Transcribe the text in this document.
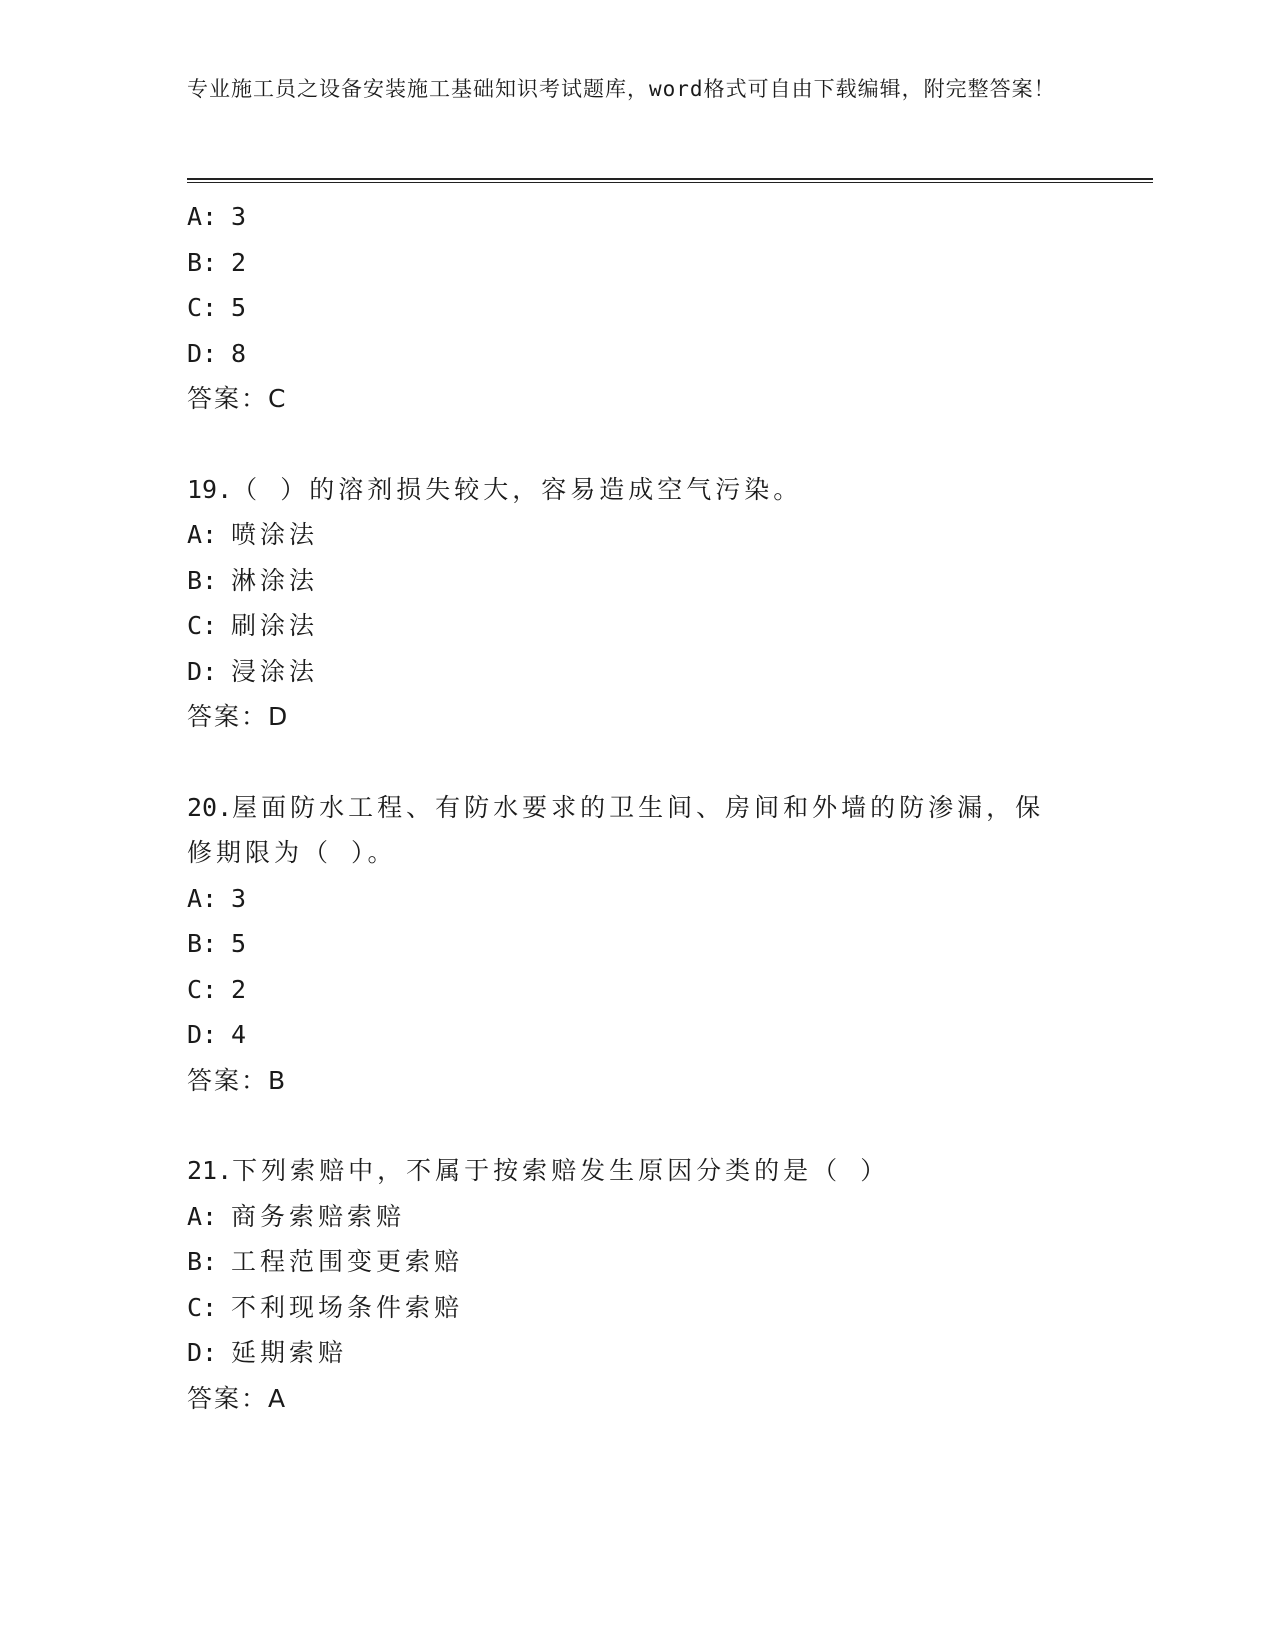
专业施工员之设备安装施工基础知识考试题库，word格式可自由下载编辑，附完整答案！
A: 3
B: 2
C: 5
D: 8
答案：C
19.（ ）的溶剂损失较大，容易造成空气污染。
A: 喷涂法
B: 淋涂法
C: 刷涂法
D: 浸涂法
答案：D
20.屋面防水工程、有防水要求的卫生间、房间和外墙的防渗漏，保修期限为（ ）。
A: 3
B: 5
C: 2
D: 4
答案：B
21.下列索赔中，不属于按索赔发生原因分类的是（ ）
A: 商务索赔索赔
B: 工程范围变更索赔
C: 不利现场条件索赔
D: 延期索赔
答案：A
